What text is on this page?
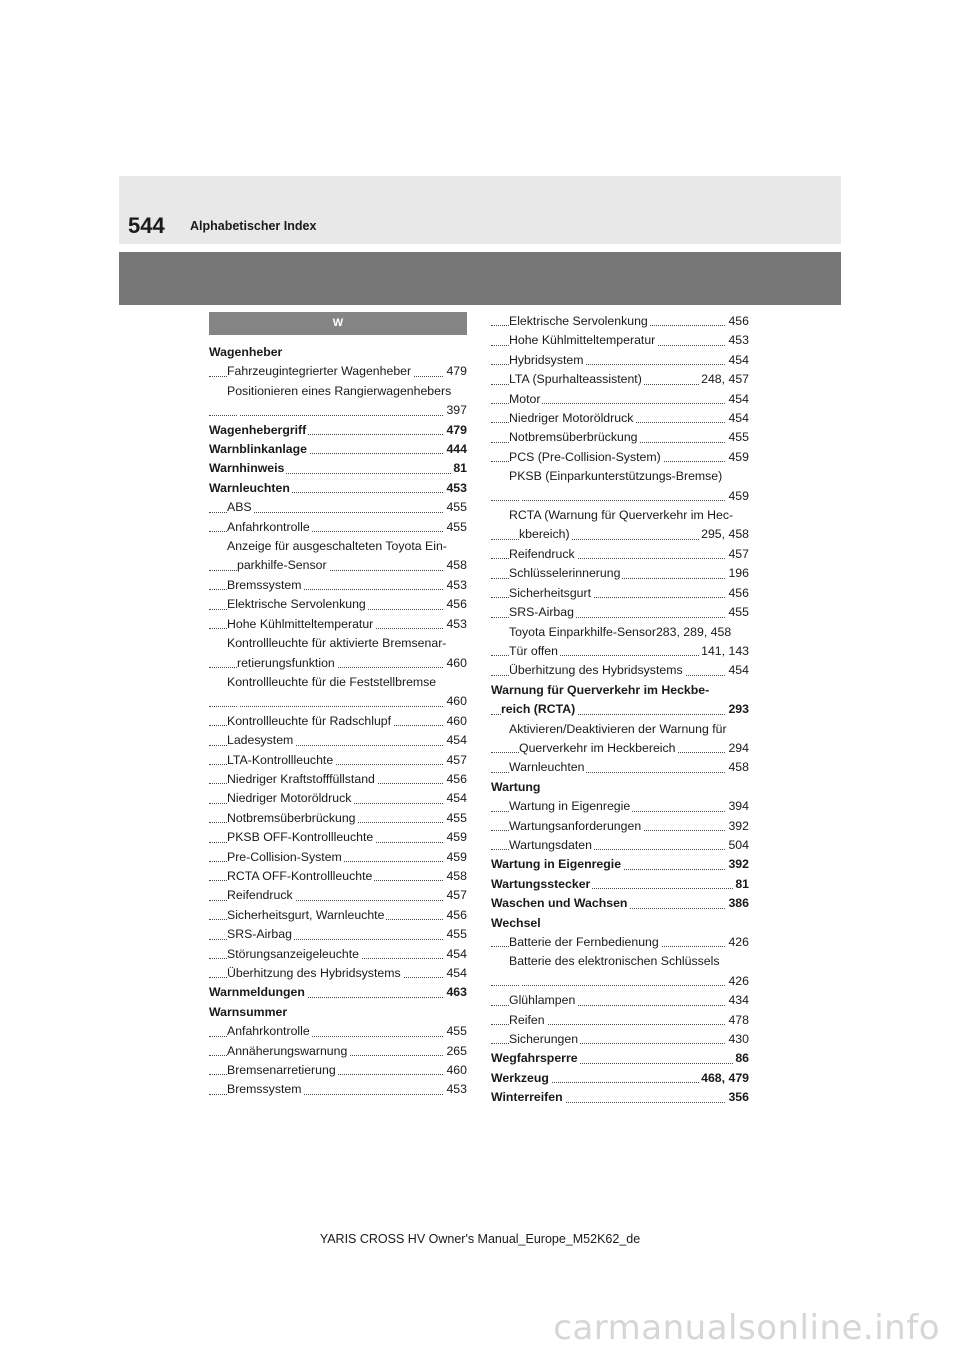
544 Alphabetischer Index
W
Wagenheber
Fahrzeugintegrierter Wagenheber	479
Positionieren eines Rangierwagenhebers
397
Wagenhebergriff	479
Warnblinkanlage	444
Warnhinweis	81
Warnleuchten	453
ABS	455
Anfahrkontrolle	455
Anzeige für ausgeschalteten Toyota Ein-
parkhilfe-Sensor	458
Bremssystem	453
Elektrische Servolenkung	456
Hohe Kühlmitteltemperatur	453
Kontrollleuchte für aktivierte Bremsenar-
retierungsfunktion	460
Kontrollleuchte für die Feststellbremse
460
Kontrollleuchte für Radschlupf	460
Ladesystem	454
LTA-Kontrollleuchte	457
Niedriger Kraftstofffüllstand	456
Niedriger Motoröldruck	454
Notbremsüberbrückung	455
PKSB OFF-Kontrollleuchte	459
Pre-Collision-System	459
RCTA OFF-Kontrollleuchte	458
Reifendruck	457
Sicherheitsgurt, Warnleuchte	456
SRS-Airbag	455
Störungsanzeigeleuchte	454
Überhitzung des Hybridsystems	454
Warnmeldungen	463
Warnsummer
Anfahrkontrolle	455
Annäherungswarnung	265
Bremsenarretierung	460
Bremssystem	453
Elektrische Servolenkung	456
Hohe Kühlmitteltemperatur	453
Hybridsystem	454
LTA (Spurhalteassistent)	248, 457
Motor	454
Niedriger Motoröldruck	454
Notbremsüberbrückung	455
PCS (Pre-Collision-System)	459
PKSB (Einparkunterstützungs-Bremse)
459
RCTA (Warnung für Querverkehr im Hec-
kbereich)	295, 458
Reifendruck	457
Schlüsselerinnerung	196
Sicherheitsgurt	456
SRS-Airbag	455
Toyota Einparkhilfe-Sensor283, 289, 458
Tür offen	141, 143
Überhitzung des Hybridsystems	454
Warnung für Querverkehr im Heckbe-
reich (RCTA)	293
Aktivieren/Deaktivieren der Warnung für
Querverkehr im Heckbereich	294
Warnleuchten	458
Wartung
Wartung in Eigenregie	394
Wartungsanforderungen	392
Wartungsdaten	504
Wartung in Eigenregie	392
Wartungsstecker	81
Waschen und Wachsen	386
Wechsel
Batterie der Fernbedienung	426
Batterie des elektronischen Schlüssels
426
Glühlampen	434
Reifen	478
Sicherungen	430
Wegfahrsperre	86
Werkzeug	468, 479
Winterreifen	356
YARIS CROSS HV Owner's Manual_Europe_M52K62_de
carmanualsonline.info
